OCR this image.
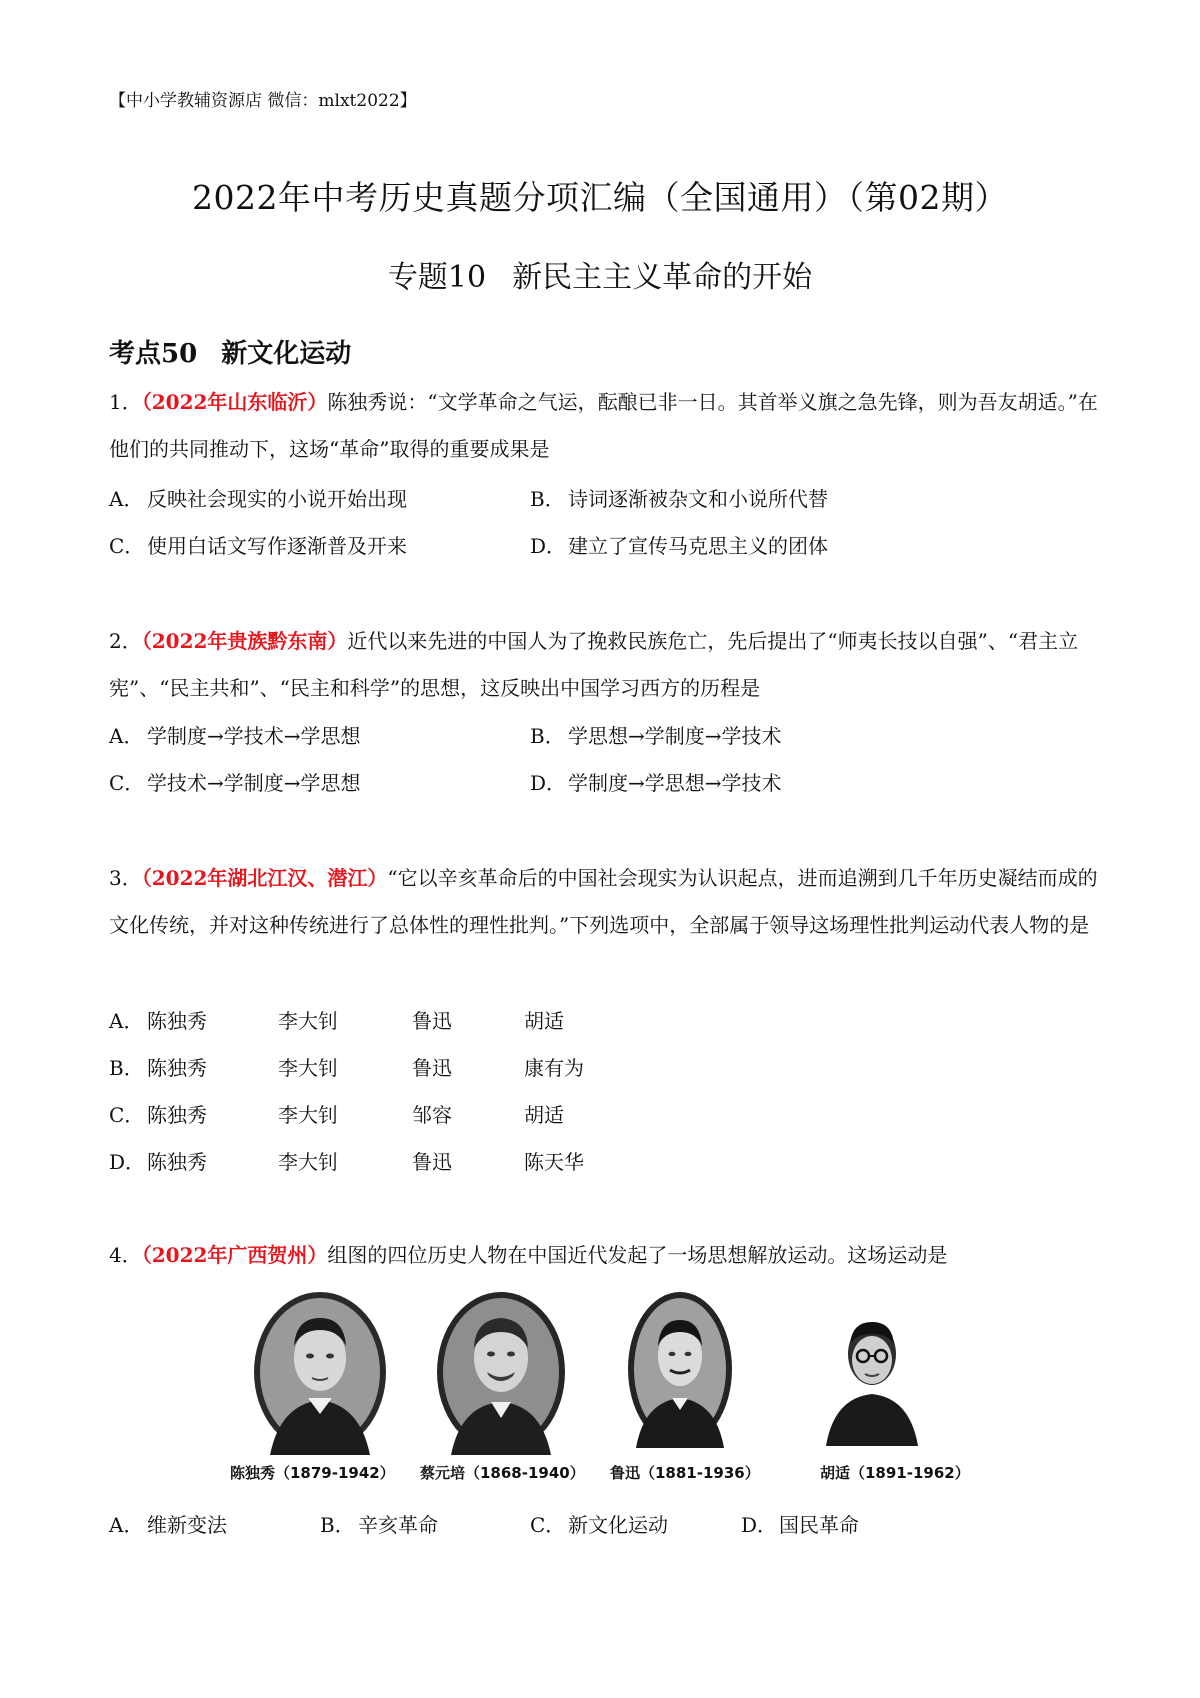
【中小学教辅资源店 微信：mlxt2022】
2022年中考历史真题分项汇编（全国通用）（第02期）
专题10 新民主主义革命的开始
考点50 新文化运动
1．（2022年山东临沂）陈独秀说：“文学革命之气运，酝酿已非一日。其首举义旗之急先锋，则为吾友胡适。”在他们的共同推动下，这场“革命”取得的重要成果是
A． 反映社会现实的小说开始出现	B． 诗词逐渐被杂文和小说所代替
C． 使用白话文写作逐渐普及开来	D．建立了宣传马克思主义的团体
2．（2022年贵族黔东南）近代以来先进的中国人为了挽救民族危亡，先后提出了“师夷长技以自强”、“君主立宪”、“民主共和”、“民主和科学”的思想，这反映出中国学习西方的历程是
A． 学制度→学技术→学思想	B． 学思想→学制度→学技术
C． 学技术→学制度→学思想	D．学制度→学思想→学技术
3．（2022年湖北江汉、潜江）“它以辛亥革命后的中国社会现实为认识起点，进而追溯到几千年历史凝结而成的文化传统，并对这种传统进行了总体性的理性批判。”下列选项中，全部属于领导这场理性批判运动代表人物的是
A． 陈独秀	李大钊	鲁迅	胡适
B． 陈独秀	李大钊	鲁迅	康有为
C． 陈独秀	李大钊	邹容	胡适
D． 陈独秀	李大钊	鲁迅	陈天华
4．（2022年广西贺州）组图的四位历史人物在中国近代发起了一场思想解放运动。这场运动是
陈独秀（1879-1942） 蔡元培（1868-1940） 鲁迅（1881-1936）	胡适（1891-1962）
A． 维新变法	B． 辛亥革命	C． 新文化运动	D．国民革命
